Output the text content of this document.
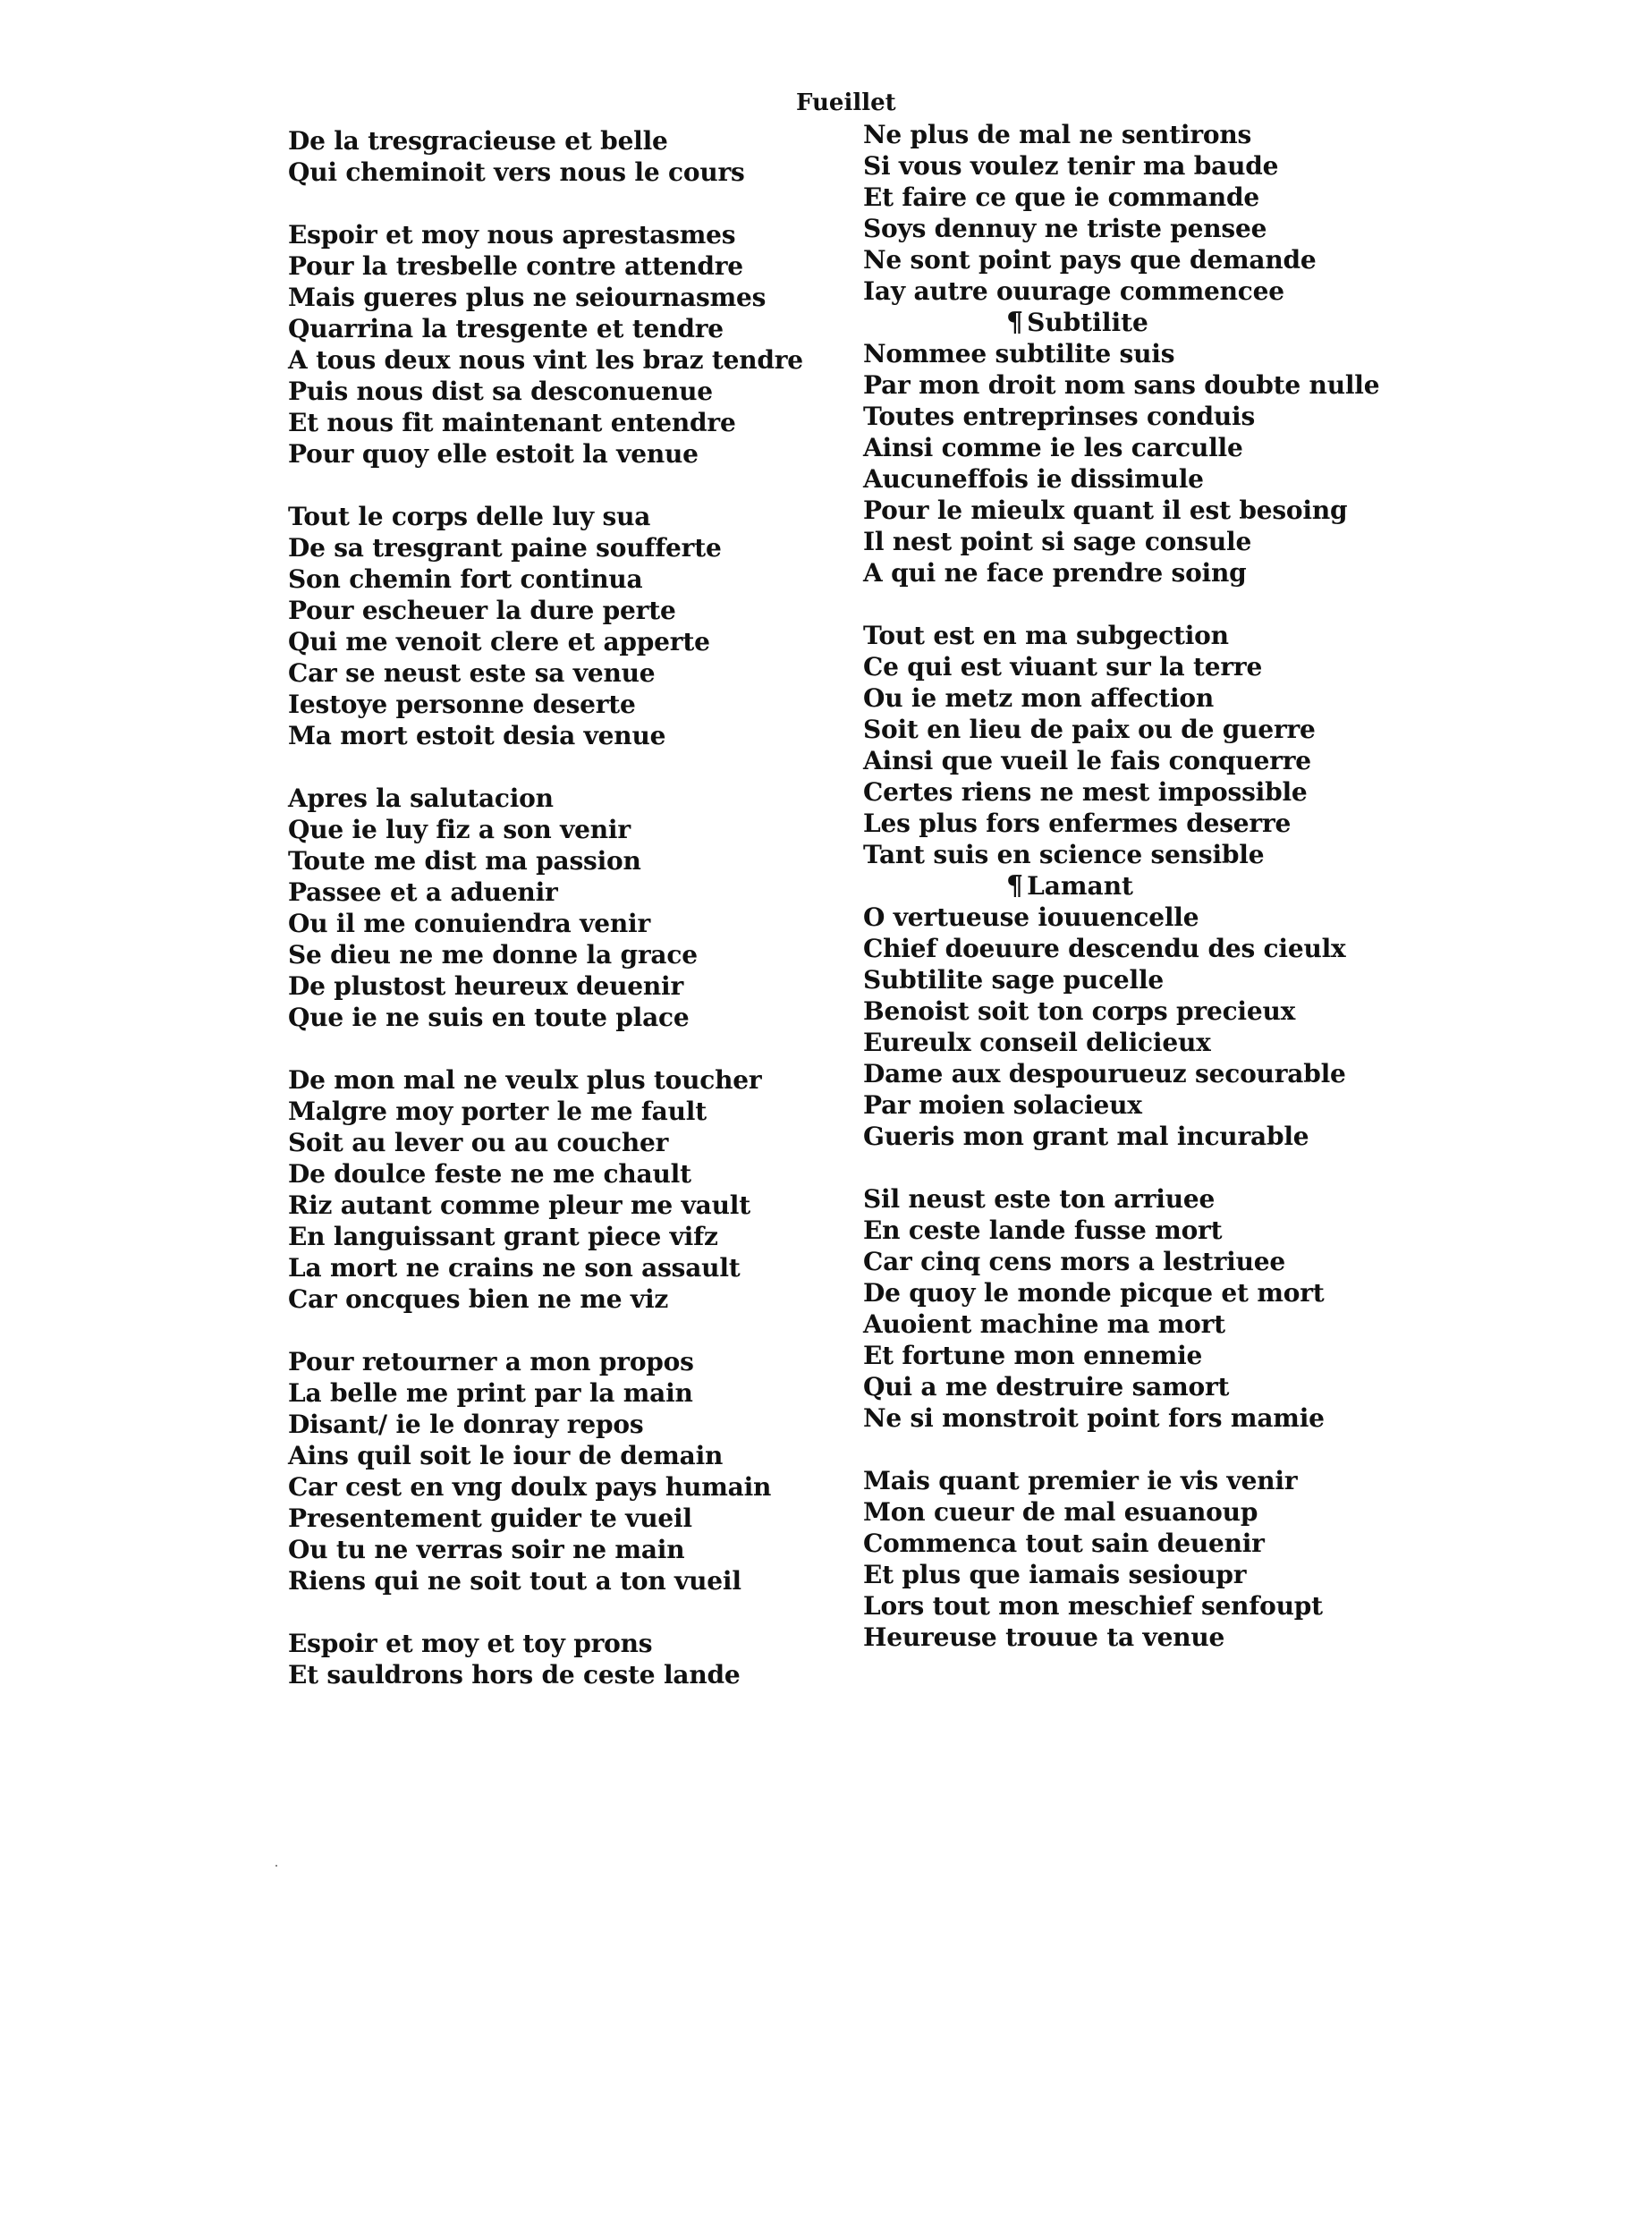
De la tresgracieuse et belle
Qui cheminoit vers nous le cours
Espoir et moy nous aprestasmes
Pour la tresbelle contre attendre
Mais gueres plus ne seiournasmes
Quarrina la tresgente et tendre
A tous deux nous vint les braz tendre
Puis nous dist sa desconuenue
Et nous fit maintenant entendre
Pour quoy elle estoit la venue
Tout le corps delle luy sua
De sa tresgrant paine soufferte
Son chemin fort continua
Pour escheuer la dure perte
Qui me venoit clere et apperte
Car se neust este sa venue
Iestoye personne deserte
Ma mort estoit desia venue
Apres la salutacion
Que ie luy fiz a son venir
Toute me dist ma passion
Passee et a aduenir
Ou il me conuiendra venir
Se dieu ne me donne la grace
De plustost heureux deuenir
Que ie ne suis en toute place
De mon mal ne veulx plus toucher
Malgre moy porter le me fault
Soit au lever ou au coucher
De doulce feste ne me chault
Riz autant comme pleur me vault
En languissant grant piece vifz
La mort ne crains ne son assault
Car oncques bien ne me viz
Pour retourner a mon propos
La belle me print par la main
Disant/ ie le donray repos
Ains quil soit le iour de demain
Car cest en vng doulx pays humain
Presentement guider te vueil
Ou tu ne verras soir ne main
Riens qui ne soit tout a ton vueil
Espoir et moy et toy prons
Et sauldrons hors de ceste lande
Fueillet
Ne plus de mal ne sentirons
Si vous voulez tenir ma baude
Et faire ce que ie commande
Soys dennuy ne triste pensee
Ne sont point pays que demande
Iay autre ouurage commencee
¶ Subtilite
Nommee subtilite suis
Par mon droit nom sans doubte nulle
Toutes entreprinses conduis
Ainsi comme ie les carculle
Aucuneffois ie dissimule
Pour le mieulx quant il est besoing
Il nest point si sage consule
A qui ne face prendre soing
Tout est en ma subgection
Ce qui est viuant sur la terre
Ou ie metz mon affection
Soit en lieu de paix ou de guerre
Ainsi que vueil le fais conquerre
Certes riens ne mest impossible
Les plus fors enfermes deserre
Tant suis en science sensible
¶ Lamant
O vertueuse iouuencelle
Chief doeuure descendu des cieulx
Subtilite sage pucelle
Benoist soit ton corps precieux
Eureulx conseil delicieux
Dame aux despourueuz secourable
Par moien solacieux
Gueris mon grant mal incurable
Sil neust este ton arriuee
En ceste lande fusse mort
Car cinq cens mors a lestriuee
De quoy le monde picque et mort
Auoient machine ma mort
Et fortune mon ennemie
Qui a me destruire samort
Ne si monstroit point fors mamie
Mais quant premier ie vis venir
Mon cueur de mal esuanoup
Commenca tout sain deuenir
Et plus que iamais sesioupr
Lors tout mon meschief senfoupt
Heureuse trouue ta venue
